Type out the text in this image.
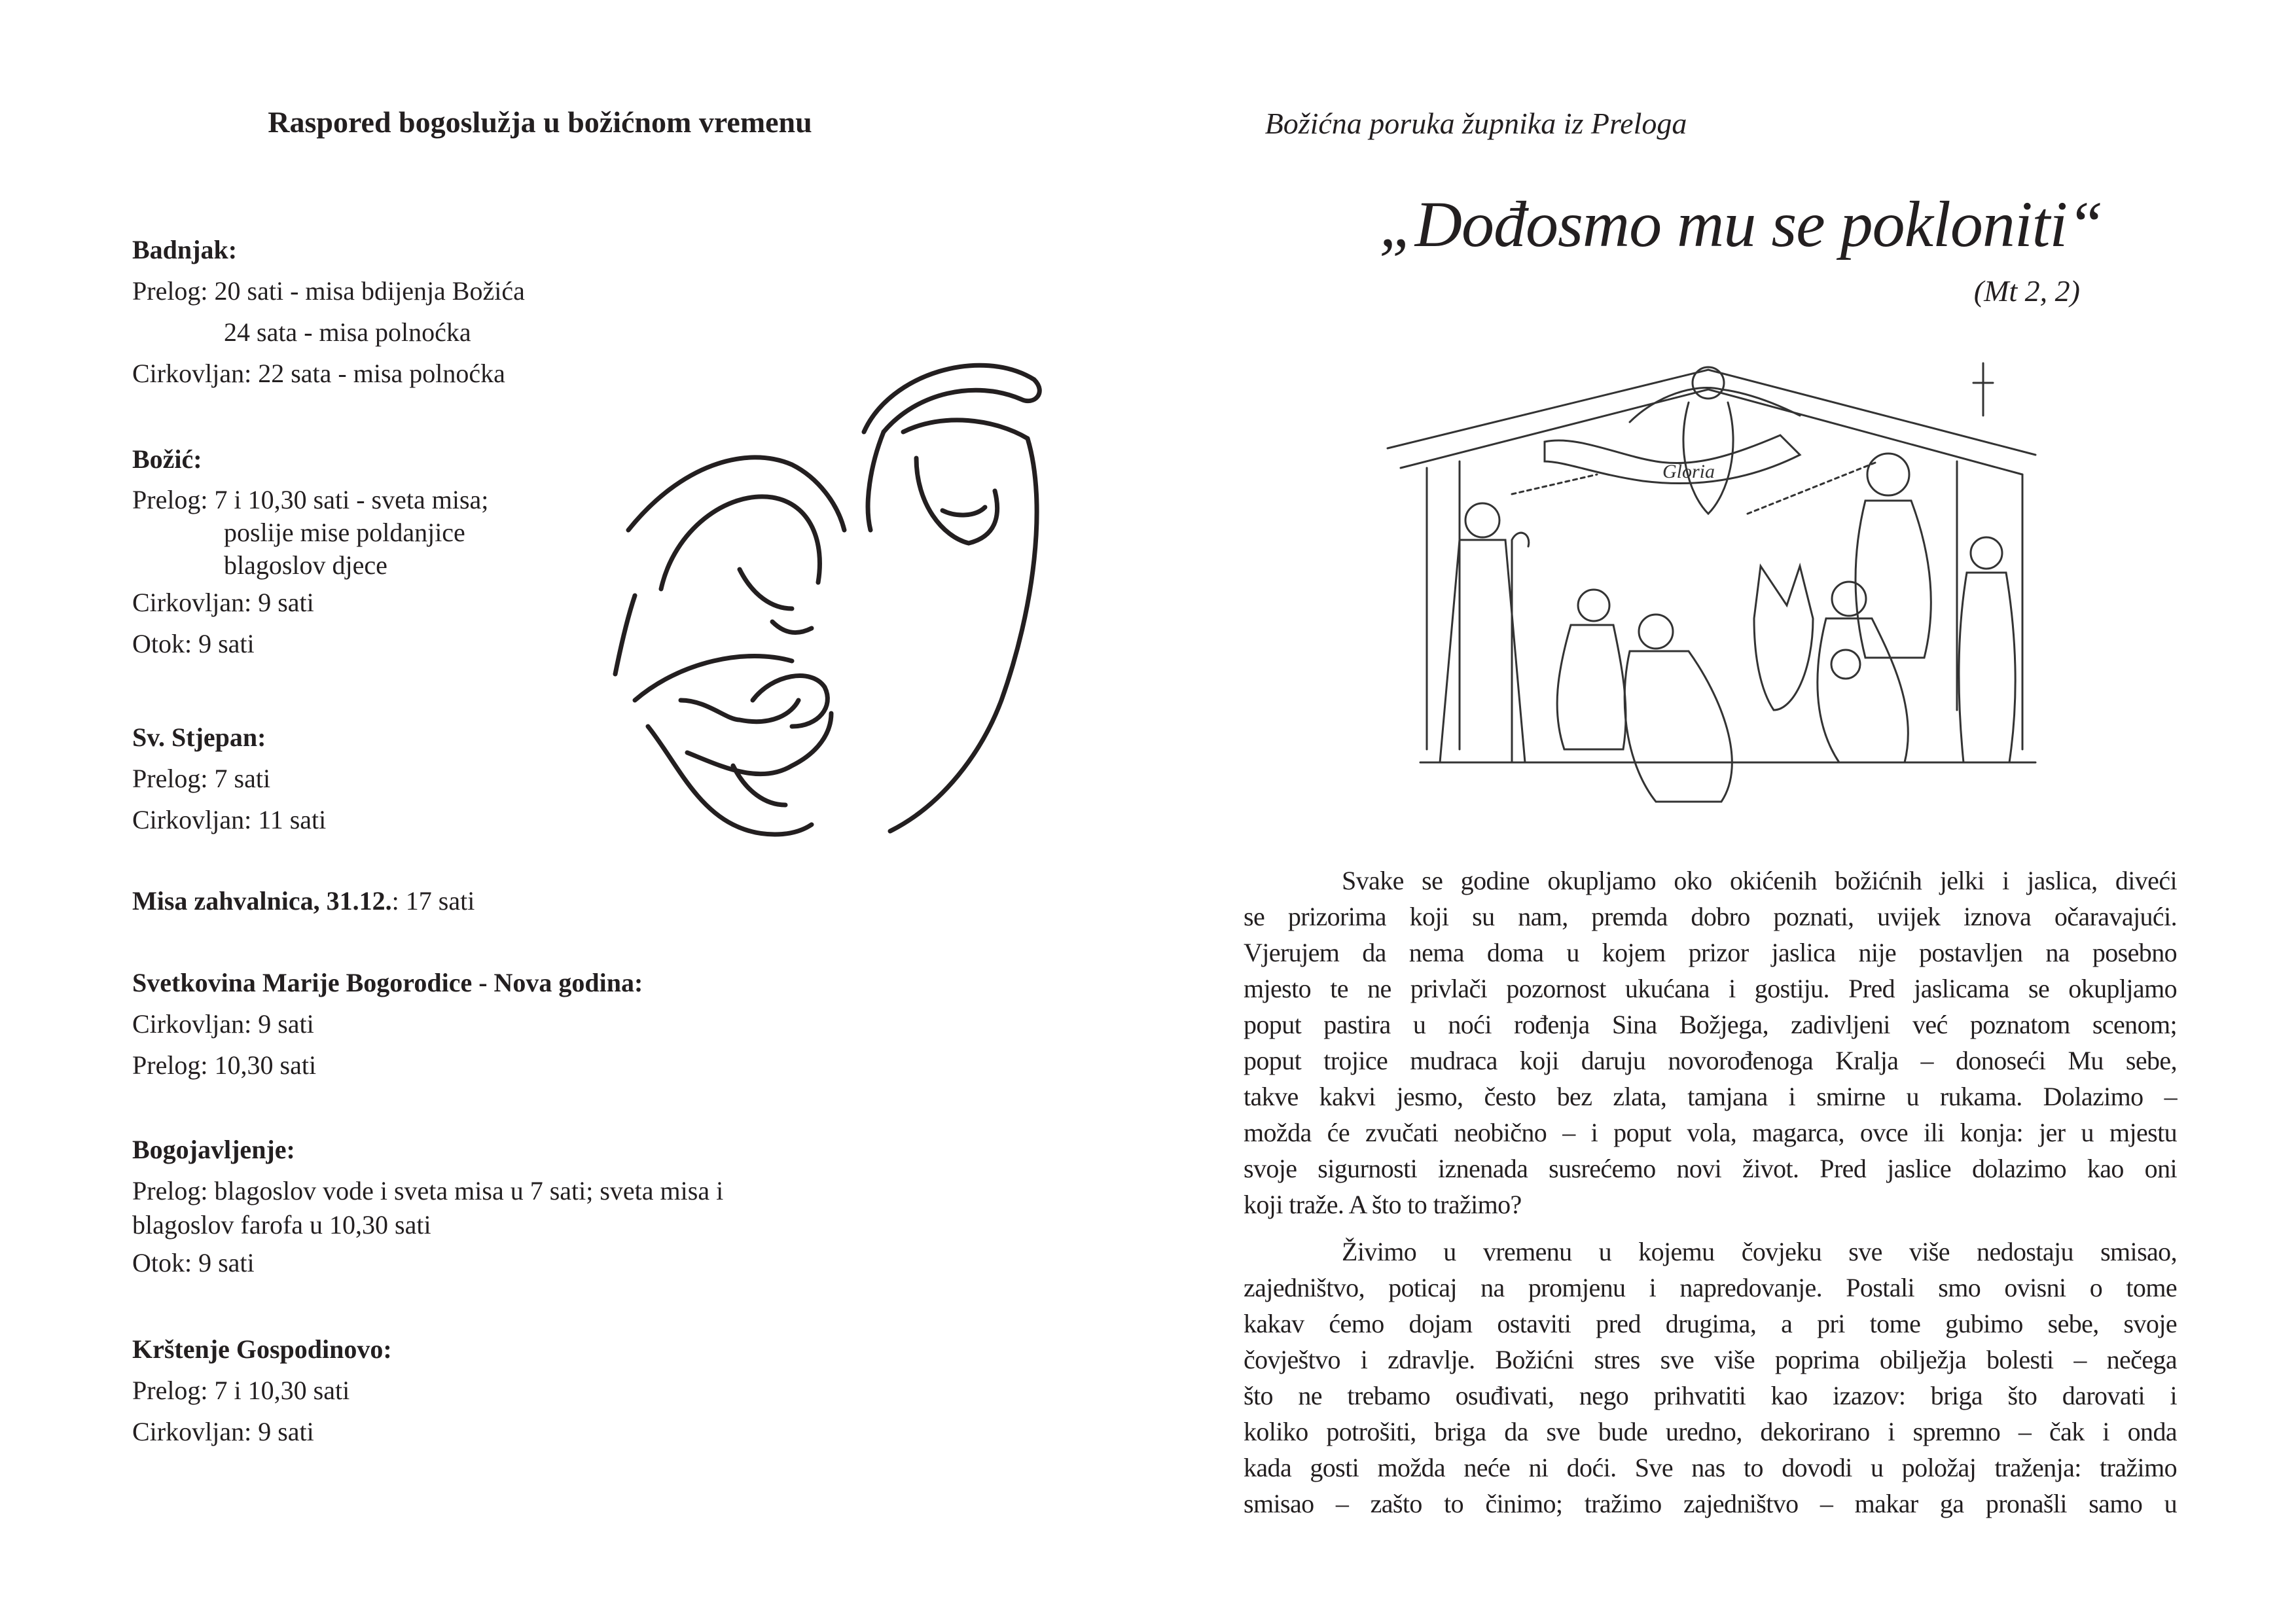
Raspored bogoslužja u božićnom vremenu
Badnjak:
Prelog: 20 sati - misa bdijenja Božića
24 sata - misa polnoćka
Cirkovljan: 22 sata - misa polnoćka
Božić:
Prelog: 7 i 10,30 sati - sveta misa;
poslije mise poldanjice
blagoslov djece
Cirkovljan: 9 sati
Otok: 9 sati
Sv. Stjepan:
Prelog: 7 sati
Cirkovljan: 11 sati
Misa zahvalnica, 31.12.: 17 sati
Svetkovina Marije Bogorodice - Nova godina:
Cirkovljan: 9 sati
Prelog: 10,30 sati
Bogojavljenje:
Prelog: blagoslov vode i sveta misa u 7 sati; sveta misa i
blagoslov farofa u 10,30 sati
Otok: 9 sati
Krštenje Gospodinovo:
Prelog: 7 i 10,30 sati
Cirkovljan: 9 sati
Božićna poruka župnika iz Preloga
„Dođosmo mu se pokloniti“
(Mt 2, 2)
Gloria
Svake se godine okupljamo oko okićenih božićnih jelki i jaslica, diveći
se prizorima koji su nam, premda dobro poznati, uvijek iznova očaravajući.
Vjerujem da nema doma u kojem prizor jaslica nije postavljen na posebno
mjesto te ne privlači pozornost ukućana i gostiju. Pred jaslicama se okupljamo
poput pastira u noći rođenja Sina Božjega, zadivljeni već poznatom scenom;
poput trojice mudraca koji daruju novorođenoga Kralja – donoseći Mu sebe,
takve kakvi jesmo, često bez zlata, tamjana i smirne u rukama. Dolazimo –
možda će zvučati neobično – i poput vola, magarca, ovce ili konja: jer u mjestu
svoje sigurnosti iznenada susrećemo novi život. Pred jaslice dolazimo kao oni
koji traže. A što to tražimo?
Živimo u vremenu u kojemu čovjeku sve više nedostaju smisao,
zajedništvo, poticaj na promjenu i napredovanje. Postali smo ovisni o tome
kakav ćemo dojam ostaviti pred drugima, a pri tome gubimo sebe, svoje
čovještvo i zdravlje. Božićni stres sve više poprima obilježja bolesti – nečega
što ne trebamo osuđivati, nego prihvatiti kao izazov: briga što darovati i
koliko potrošiti, briga da sve bude uredno, dekorirano i spremno – čak i onda
kada gosti možda neće ni doći. Sve nas to dovodi u položaj traženja: tražimo
smisao – zašto to činimo; tražimo zajedništvo – makar ga pronašli samo u
